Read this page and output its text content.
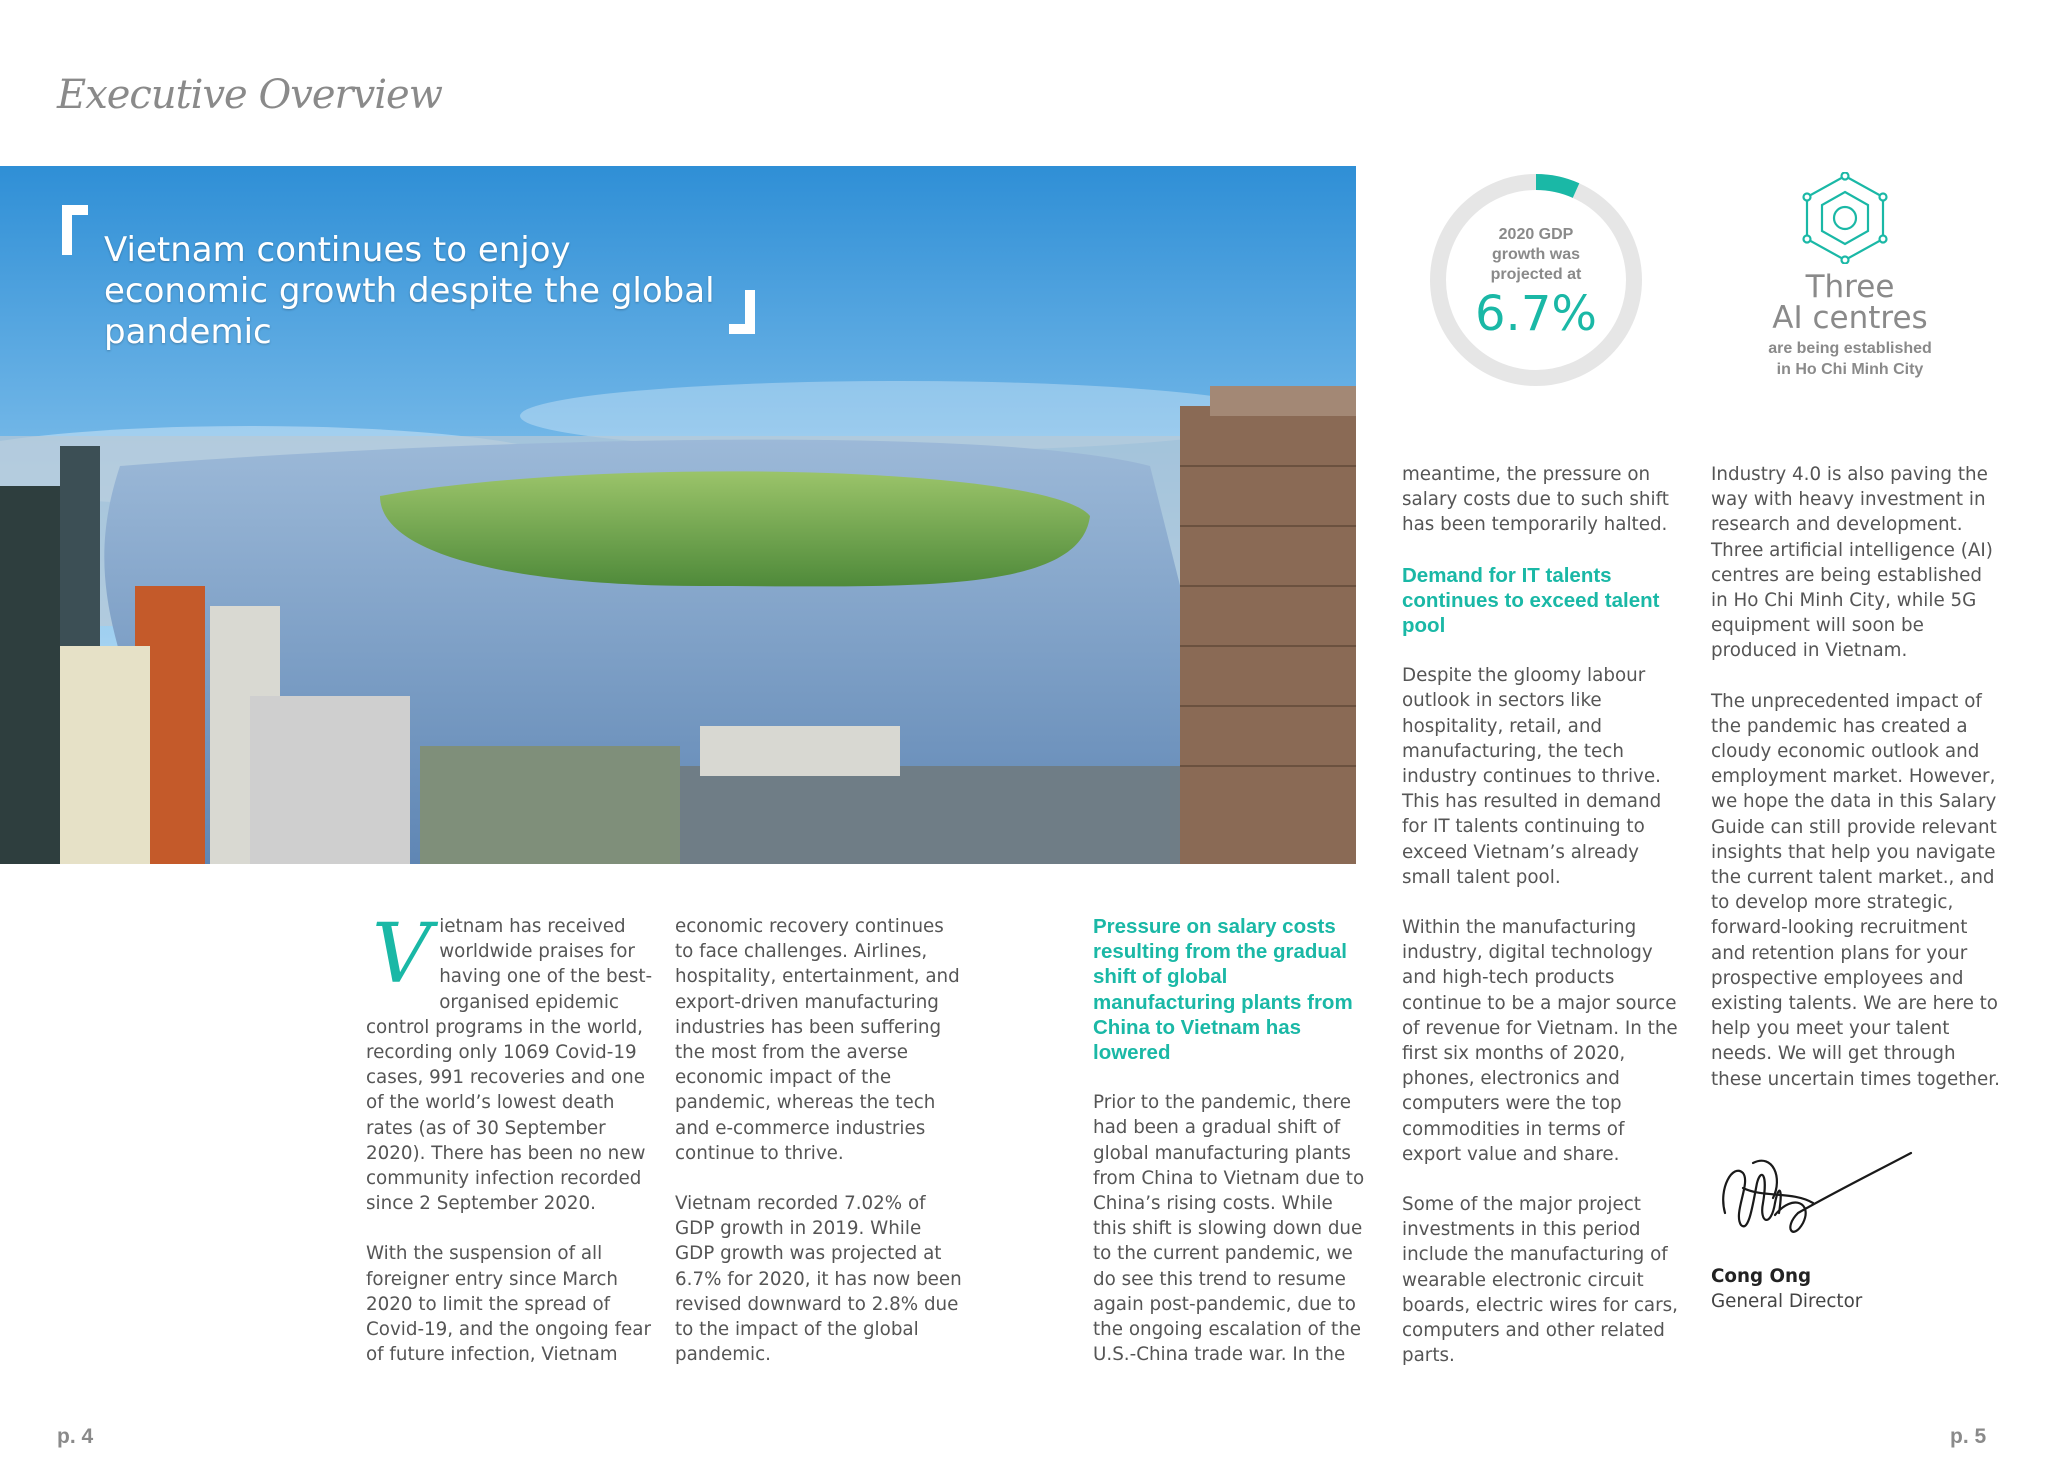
Executive Overview
Vietnam continues to enjoy economic growth despite the global pandemic
2020 GDP
growth was
projected at
6.7%	Three
AI centres
are being established
in Ho Chi Minh City

Vietnam has received worldwide praises for having one of the best-organised epidemic control programs in the world, recording only 1069 Covid-19 cases, 991 recoveries and one of the world’s lowest death rates (as of 30 September 2020). There has been no new community infection recorded since 2 September 2020.

With the suspension of all foreigner entry since March 2020 to limit the spread of Covid-19, and the ongoing fear of future infection, Vietnam

economic recovery continues to face challenges. Airlines, hospitality, entertainment, and export-driven manufacturing industries has been suffering the most from the averse economic impact of the pandemic, whereas the tech and e-commerce industries continue to thrive.

Vietnam recorded 7.02% of GDP growth in 2019. While GDP growth was projected at 6.7% for 2020, it has now been revised downward to 2.8% due to the impact of the global pandemic.

Pressure on salary costs resulting from the gradual shift of global manufacturing plants from China to Vietnam has lowered

Prior to the pandemic, there had been a gradual shift of global manufacturing plants from China to Vietnam due to China’s rising costs. While this shift is slowing down due to the current pandemic, we do see this trend to resume again post-pandemic, due to the ongoing escalation of the U.S.-China trade war. In the

meantime, the pressure on salary costs due to such shift has been temporarily halted.

Demand for IT talents continues to exceed talent pool

Despite the gloomy labour outlook in sectors like hospitality, retail, and manufacturing, the tech industry continues to thrive. This has resulted in demand for IT talents continuing to exceed Vietnam’s already small talent pool.

Within the manufacturing industry, digital technology and high-tech products continue to be a major source of revenue for Vietnam. In the first six months of 2020, phones, electronics and computers were the top commodities in terms of export value and share.

Some of the major project investments in this period include the manufacturing of wearable electronic circuit boards, electric wires for cars, computers and other related parts.

Industry 4.0 is also paving the way with heavy investment in research and development. Three artificial intelligence (AI) centres are being established in Ho Chi Minh City, while 5G equipment will soon be produced in Vietnam.

The unprecedented impact of the pandemic has created a cloudy economic outlook and employment market. However, we hope the data in this Salary Guide can still provide relevant insights that help you navigate the current talent market., and to develop more strategic, forward-looking recruitment and retention plans for your prospective employees and existing talents. We are here to help you meet your talent needs. We will get through these uncertain times together.

Cong Ong
General Director
p. 4	p. 5
